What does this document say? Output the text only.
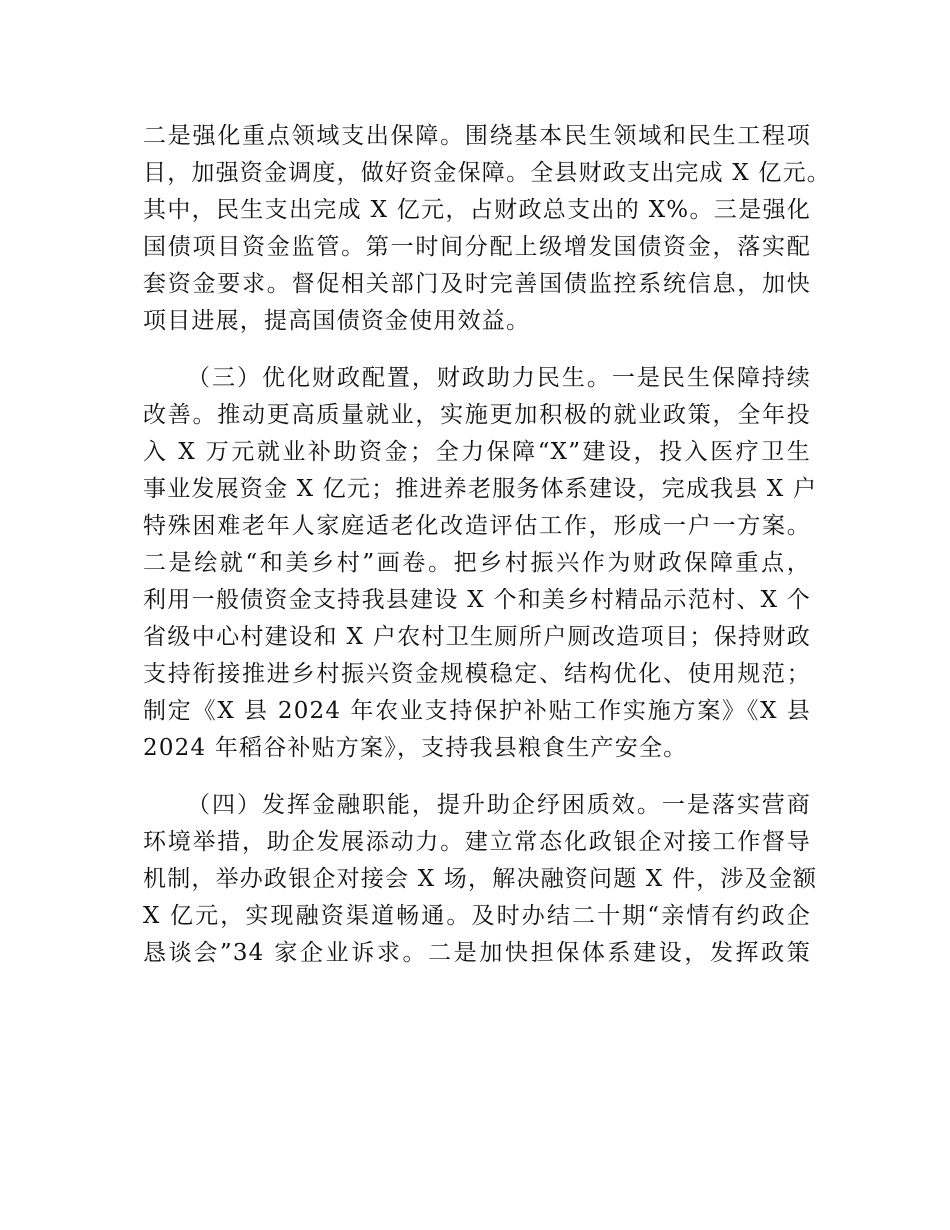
二是强化重点领域支出保障。围绕基本民生领域和民生工程项
目，加强资金调度，做好资金保障。全县财政支出完成 X 亿元。
其中，民生支出完成 X 亿元，占财政总支出的 X%。三是强化
国债项目资金监管。第一时间分配上级增发国债资金，落实配
套资金要求。督促相关部门及时完善国债监控系统信息，加快
项目进展，提高国债资金使用效益。
（三）优化财政配置，财政助力民生。一是民生保障持续
改善。推动更高质量就业，实施更加积极的就业政策，全年投
入 X 万元就业补助资金；全力保障“X”建设，投入医疗卫生
事业发展资金 X 亿元；推进养老服务体系建设，完成我县 X 户
特殊困难老年人家庭适老化改造评估工作，形成一户一方案。
二是绘就“和美乡村”画卷。把乡村振兴作为财政保障重点，
利用一般债资金支持我县建设 X 个和美乡村精品示范村、X 个
省级中心村建设和 X 户农村卫生厕所户厕改造项目；保持财政
支持衔接推进乡村振兴资金规模稳定、结构优化、使用规范；
制定《X 县 2024 年农业支持保护补贴工作实施方案》《X 县
2024 年稻谷补贴方案》，支持我县粮食生产安全。
（四）发挥金融职能，提升助企纾困质效。一是落实营商
环境举措，助企发展添动力。建立常态化政银企对接工作督导
机制，举办政银企对接会 X 场，解决融资问题 X 件，涉及金额
X 亿元，实现融资渠道畅通。及时办结二十期“亲情有约政企
恳谈会”34 家企业诉求。二是加快担保体系建设，发挥政策
